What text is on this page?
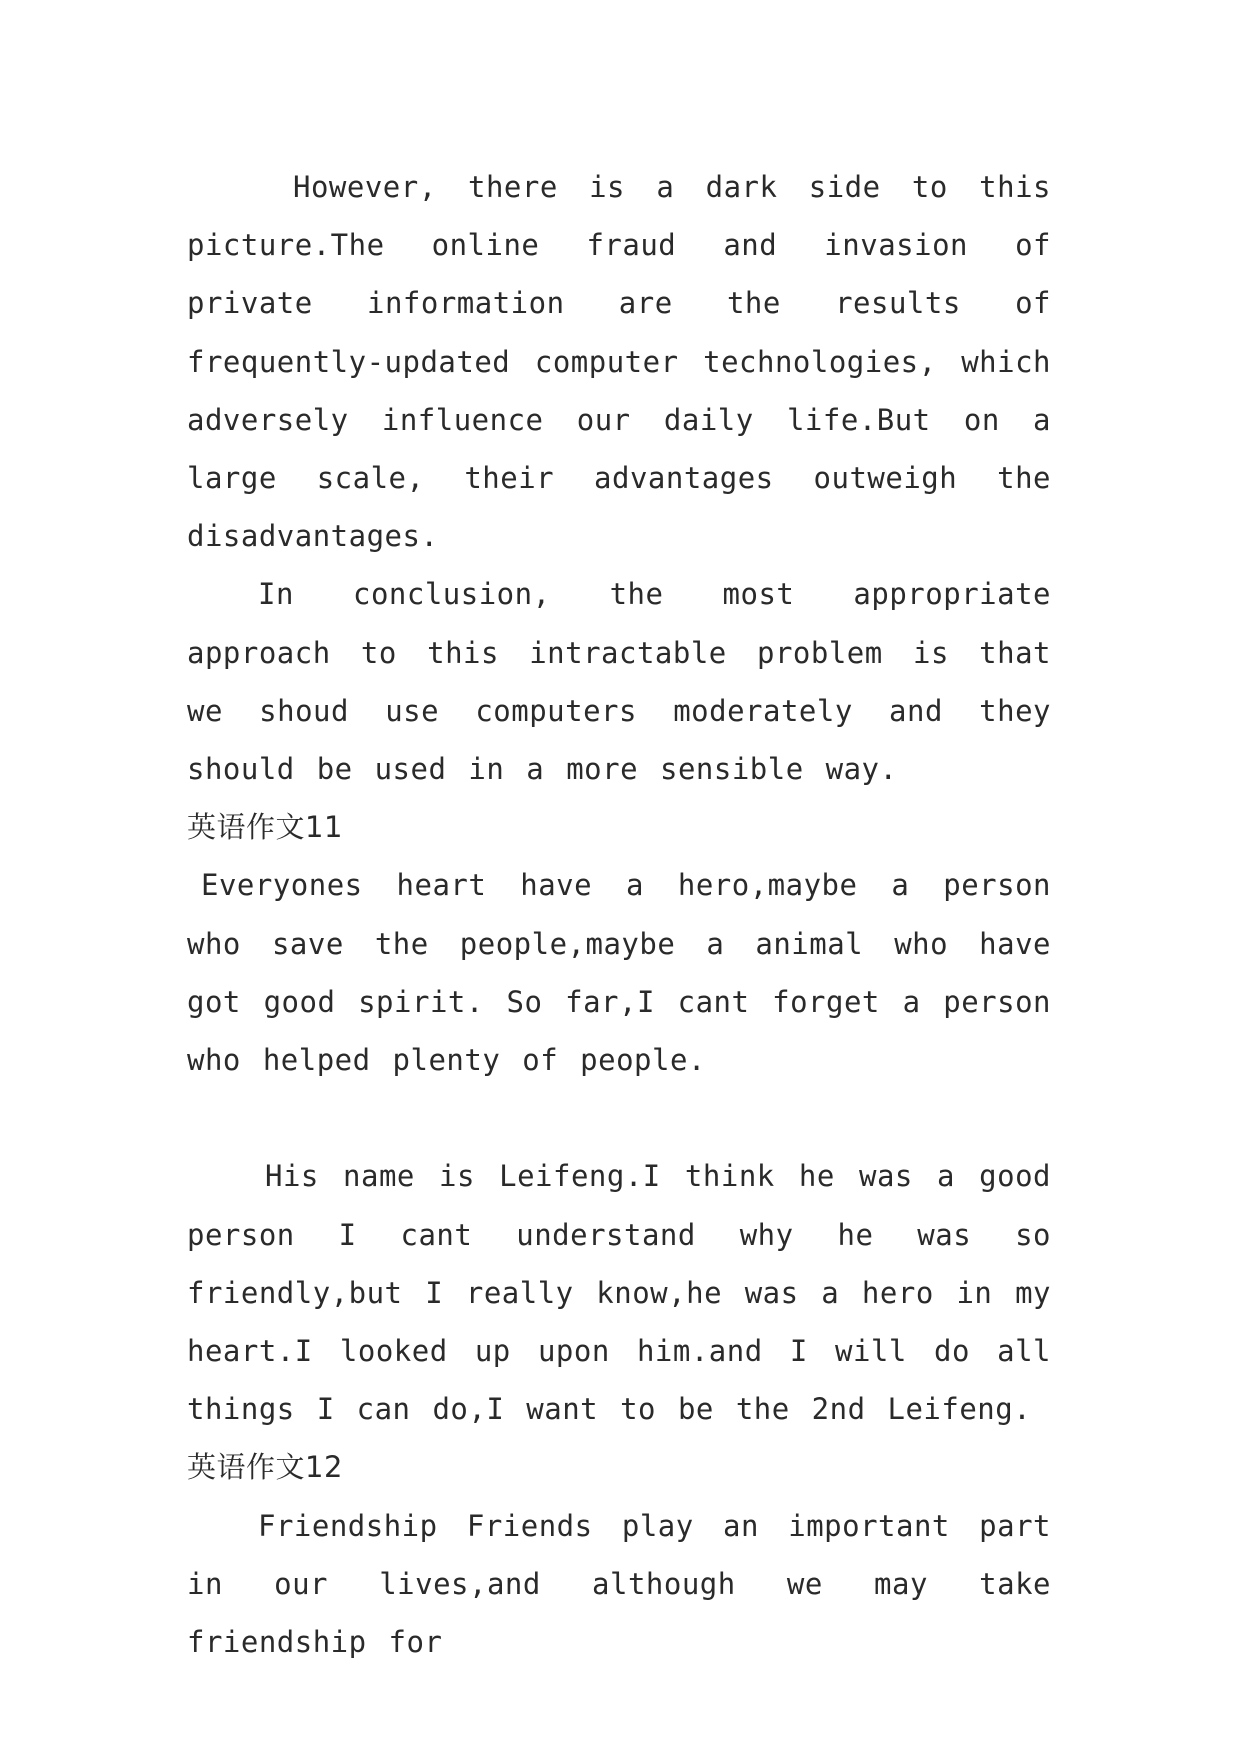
However, there is a dark side to this picture.The online fraud and invasion of private information are the results of frequently-updated computer technologies, which adversely influence our daily life.But on a large scale, their advantages outweigh the disadvantages.

In conclusion, the most appropriate approach to this intractable problem is that we shoud use computers moderately and they should be used in a more sensible way.

英语作文11

Everyones heart have a hero,maybe a person who save the people,maybe a animal who have got good spirit. So far,I cant forget a person who helped plenty of people.

His name is Leifeng.I think he was a good person I cant understand why he was so friendly,but I really know,he was a hero in my heart.I looked up upon him.and I will do all things I can do,I want to be the 2nd Leifeng.

英语作文12

Friendship Friends play an important part in our lives,and although we may take friendship for
